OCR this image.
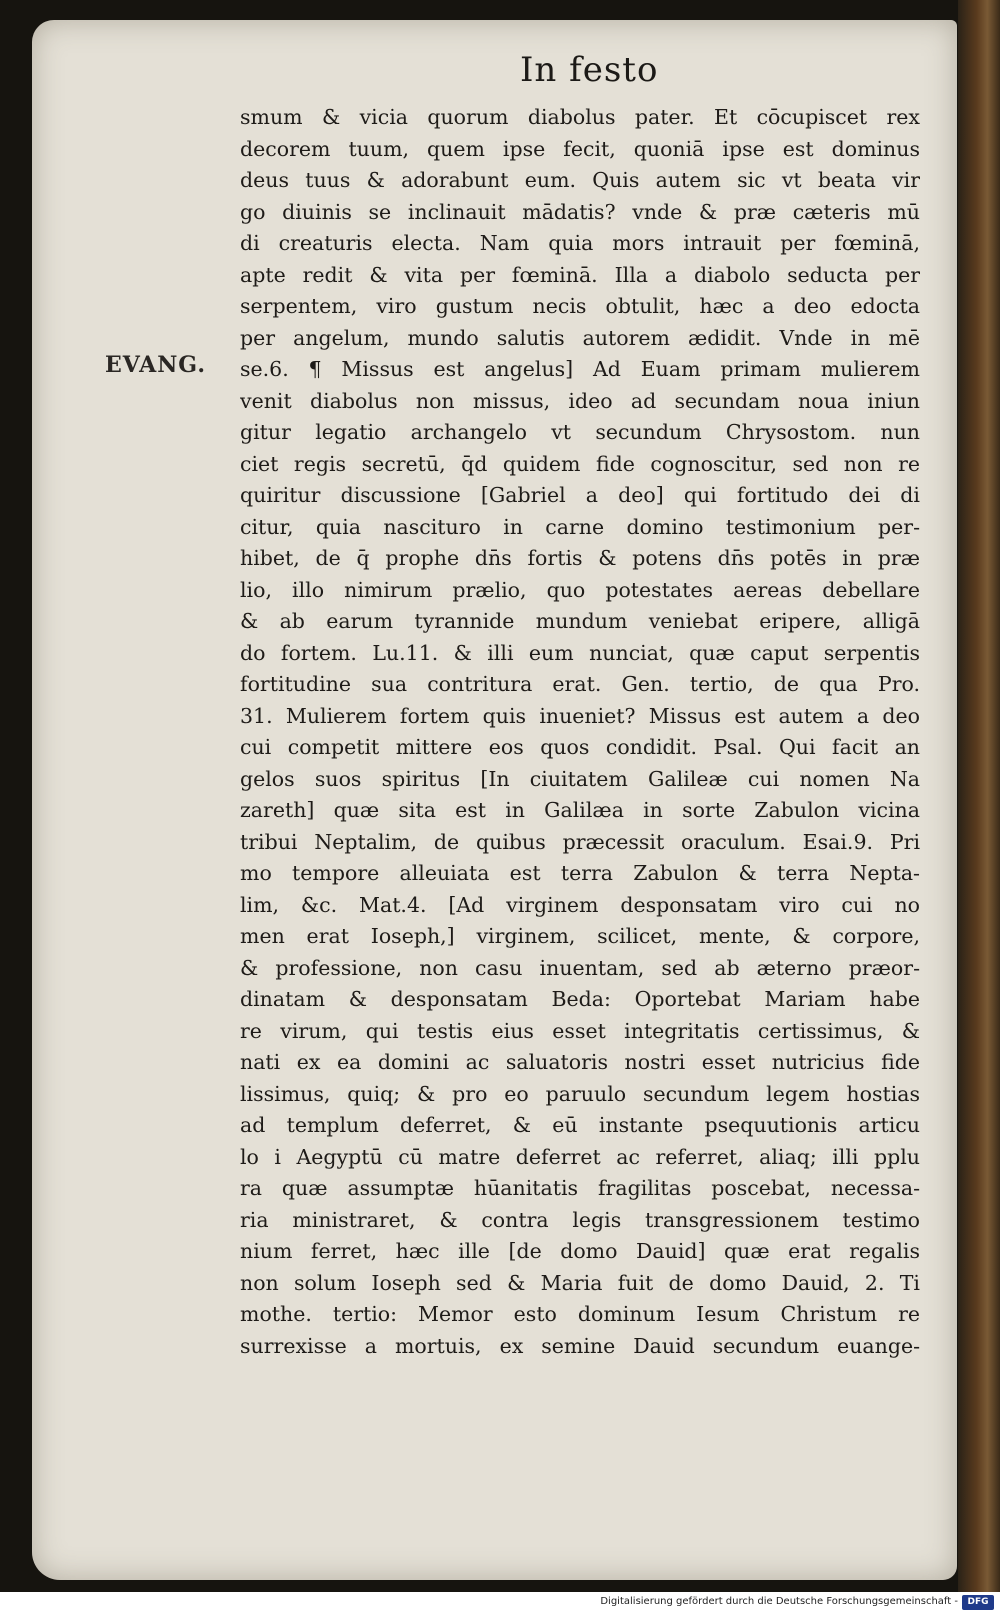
In festo
EVANG.
smum & vicia quorum diabolus pater. Et cōcupiscet rex
decorem tuum, quem ipse fecit, quoniā ipse est dominus
deus tuus & adorabunt eum. Quis autem sic vt beata vir
go diuinis se inclinauit mādatis? vnde & præ cæteris mū
di creaturis electa. Nam quia mors intrauit per fœminā,
apte redit & vita per fœminā. Illa a diabolo seducta per
serpentem, viro gustum necis obtulit, hæc a deo edocta
per angelum, mundo salutis autorem ædidit. Vnde in mē
se.6. ¶ Missus est angelus] Ad Euam primam mulierem
venit diabolus non missus, ideo ad secundam noua iniun
gitur legatio archangelo vt secundum Chrysostom. nun
ciet regis secretū, q̄d quidem fide cognoscitur, sed non re
quiritur discussione [Gabriel a deo] qui fortitudo dei di
citur, quia nasciturо in carne domino testimonium per-
hibet, de q̄ prophe dn̄s fortis & potens dn̄s potēs in præ
lio, illo nimirum prælio, quo potestates aereas debellare
& ab earum tyrannide mundum veniebat eripere, alligā
do fortem. Lu.11. & illi eum nunciat, quæ caput serpentis
fortitudine sua contritura erat. Gen. tertio, de qua Pro.
31. Mulierem fortem quis inueniet? Missus est autem a deo
cui competit mittere eos quos condidit. Psal. Qui facit an
gelos suos spiritus [In ciuitatem Galileæ cui nomen Na
zareth] quæ sita est in Galilæa in sorte Zabulon vicina
tribui Neptalim, de quibus præcessit oraculum. Esai.9. Pri
mo tempore alleuiata est terra Zabulon & terra Nepta-
lim, &c. Mat.4. [Ad virginem desponsatam viro cui no
men erat Ioseph,] virginem, scilicet, mente, & corpore,
& professione, non casu inuentam, sed ab æterno præor-
dinatam & desponsatam Beda: Oportebat Mariam habe
re virum, qui testis eius esset integritatis certissimus, &
nati ex ea domini ac saluatoris nostri esset nutricius fide
lissimus, quiq; & pro eo paruulo secundum legem hostias
ad templum deferret, & eū instante psequutionis articu
lo i Aegyptū cū matre deferret ac referret, aliaq; illi pplu
ra quæ assumptæ hūanitatis fragilitas poscebat, necessa-
ria ministraret, & contra legis transgressionem testimo
nium ferret, hæc ille [de domo Dauid] quæ erat regalis
non solum Ioseph sed & Maria fuit de domo Dauid, 2. Ti
mothe. tertio: Memor esto dominum Iesum Christum re
surrexisse a mortuis, ex semine Dauid secundum euange-
Digitalisierung gefördert durch die Deutsche Forschungsgemeinschaft -	DFG
